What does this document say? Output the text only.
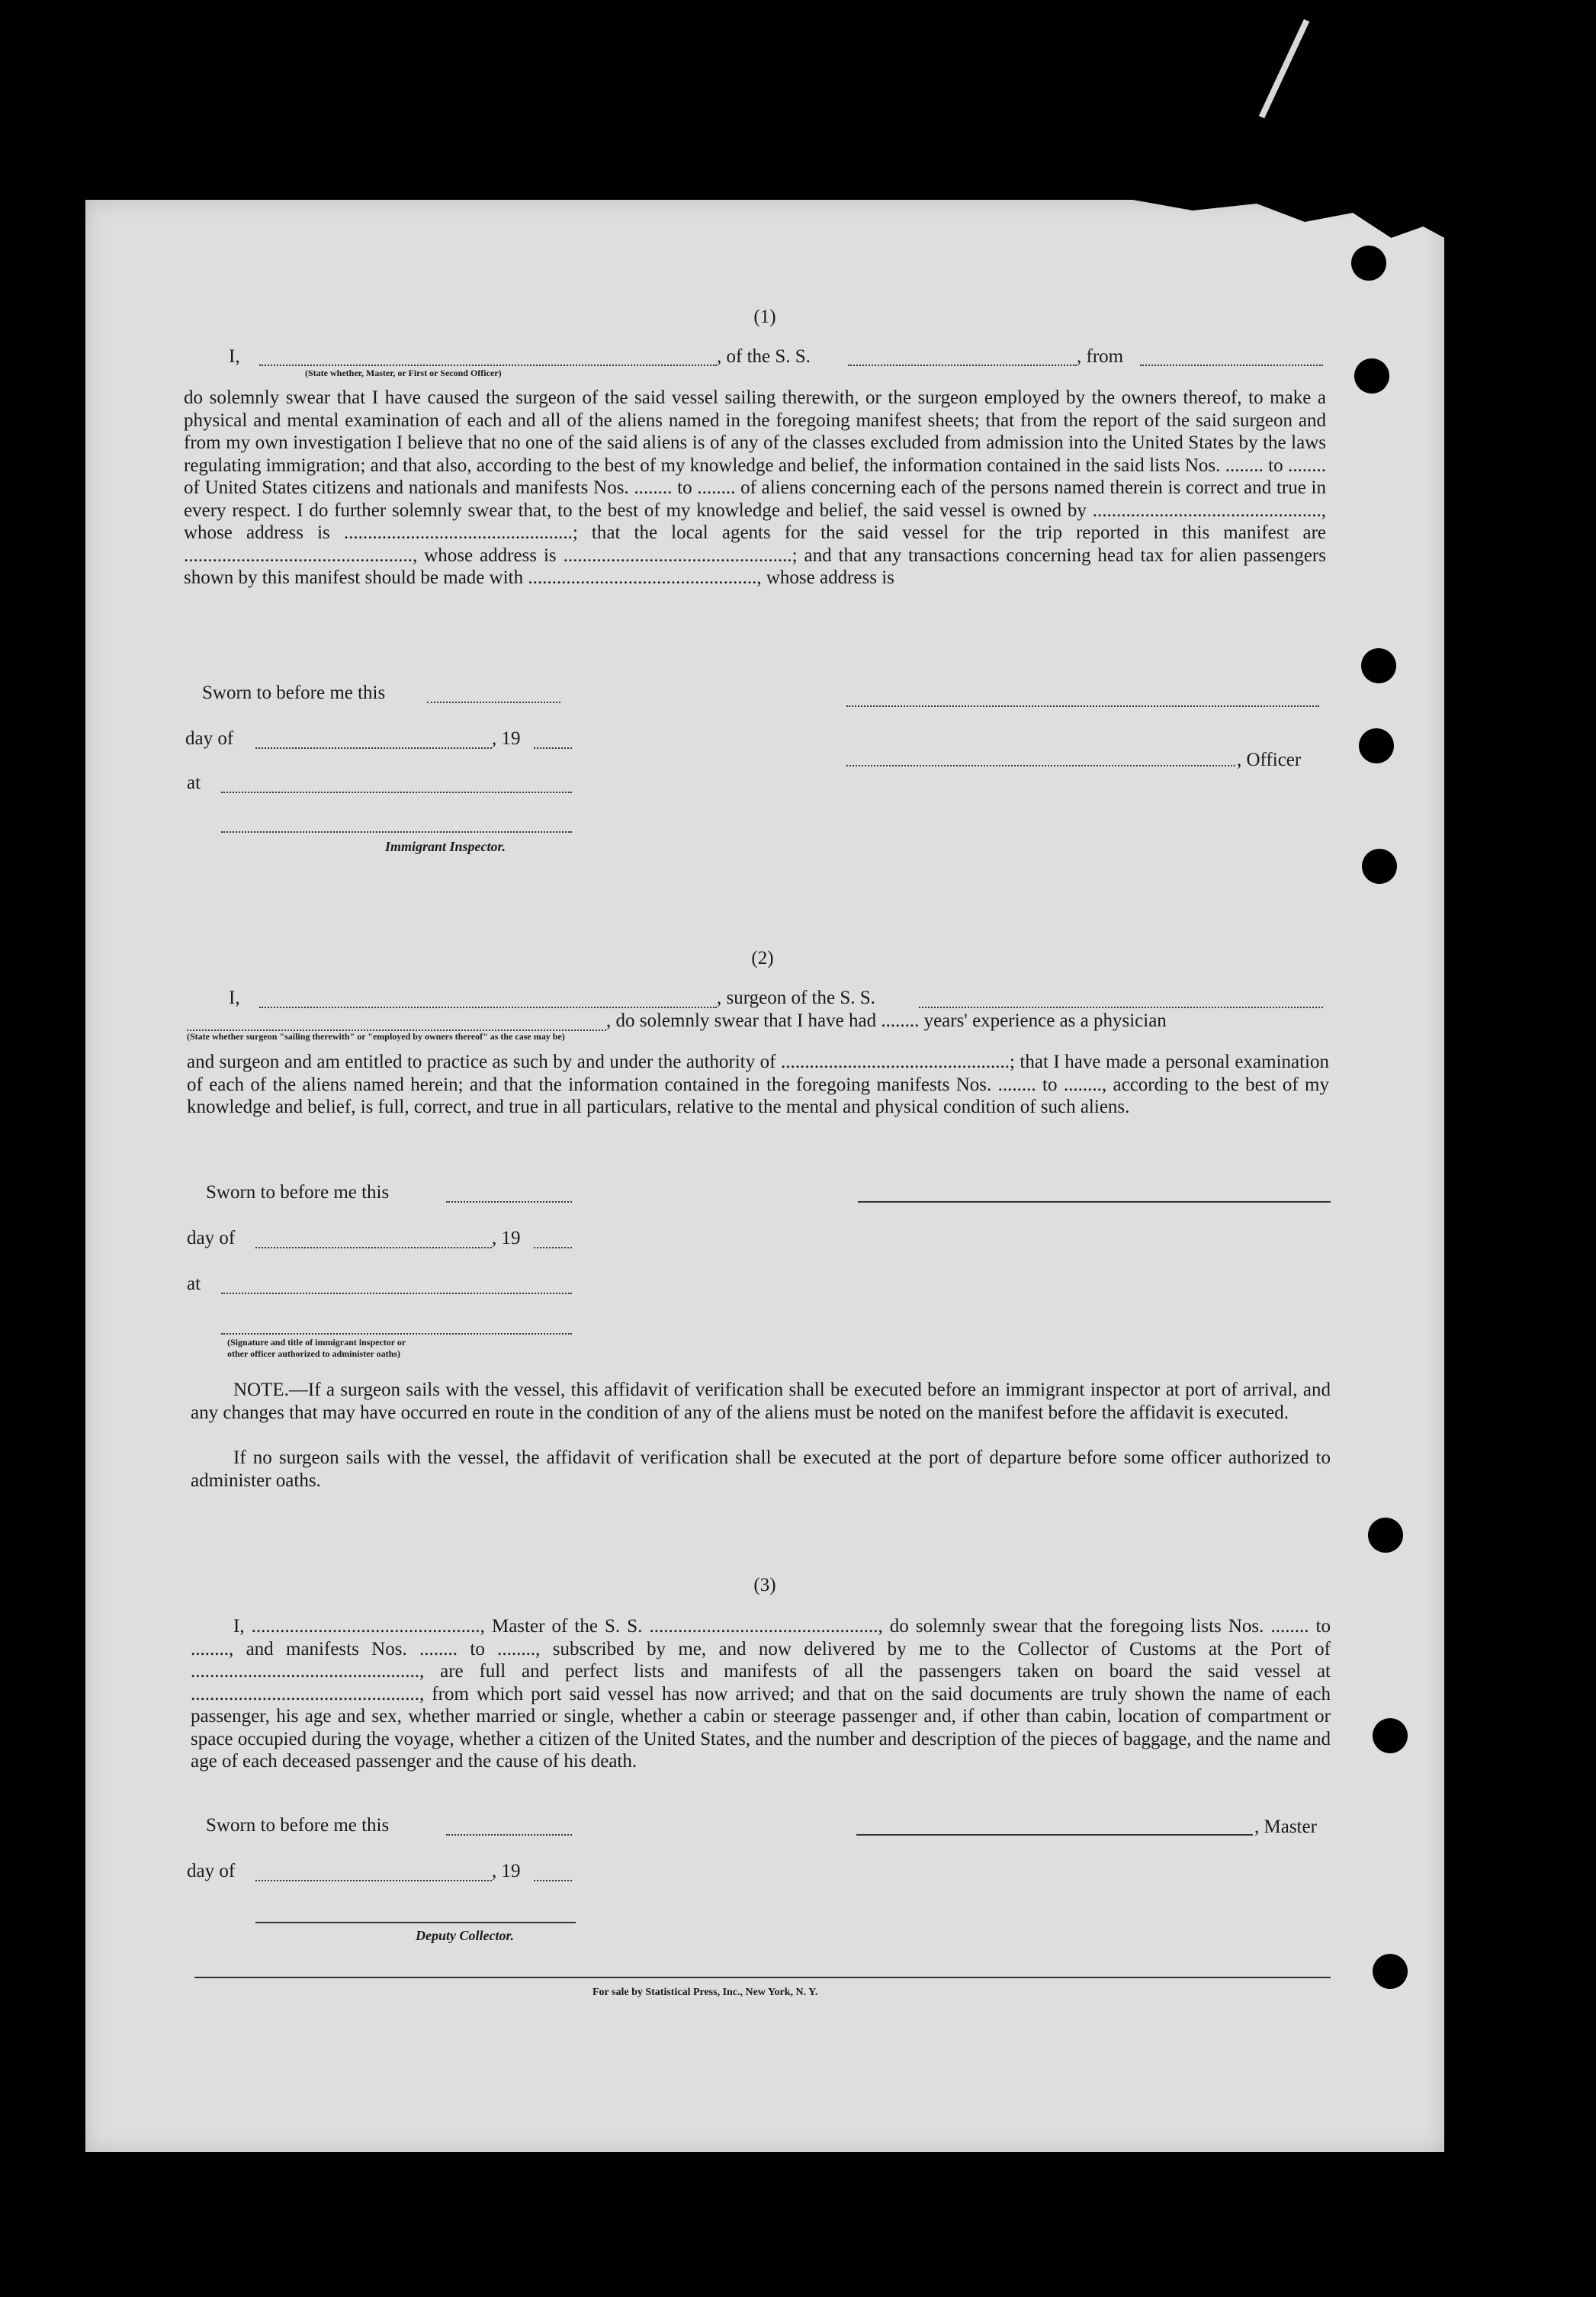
(1)
I,	, of the S. S.	, from
(State whether, Master, or First or Second Officer)
do solemnly swear that I have caused the surgeon of the said vessel sailing therewith, or the surgeon employed by the owners thereof, to make a physical and mental examination of each and all of the aliens named in the foregoing manifest sheets; that from the report of the said surgeon and from my own investigation I believe that no one of the said aliens is of any of the classes excluded from admission into the United States by the laws regulating immigration; and that also, according to the best of my knowledge and belief, the information contained in the said lists Nos. ........ to ........ of United States citizens and nationals and manifests Nos. ........ to ........ of aliens concerning each of the persons named therein is correct and true in every respect. I do further solemnly swear that, to the best of my knowledge and belief, the said vessel is owned by ................................................, whose address is ................................................; that the local agents for the said vessel for the trip reported in this manifest are ................................................, whose address is ................................................; and that any transactions concerning head tax for alien passengers shown by this manifest should be made with ................................................, whose address is
Sworn to before me this
day of	, 19
at
Immigrant Inspector.
, Officer
(2)
I,	, surgeon of the S. S.
, do solemnly swear that I have had ........ years' experience as a physician
(State whether surgeon "sailing therewith" or "employed by owners thereof" as the case may be)
and surgeon and am entitled to practice as such by and under the authority of ................................................; that I have made a personal examination of each of the aliens named herein; and that the information contained in the foregoing manifests Nos. ........ to ........, according to the best of my knowledge and belief, is full, correct, and true in all particulars, relative to the mental and physical condition of such aliens.
Sworn to before me this
day of	, 19
at
(Signature and title of immigrant inspector or
other officer authorized to administer oaths)
NOTE.—If a surgeon sails with the vessel, this affidavit of verification shall be executed before an immigrant inspector at port of arrival, and any changes that may have occurred en route in the condition of any of the aliens must be noted on the manifest before the affidavit is executed.
If no surgeon sails with the vessel, the affidavit of verification shall be executed at the port of departure before some officer authorized to administer oaths.
(3)
I, ................................................, Master of the S. S. ................................................, do solemnly swear that the foregoing lists Nos. ........ to ........, and manifests Nos. ........ to ........, subscribed by me, and now delivered by me to the Collector of Customs at the Port of ................................................, are full and perfect lists and manifests of all the passengers taken on board the said vessel at ................................................, from which port said vessel has now arrived; and that on the said documents are truly shown the name of each passenger, his age and sex, whether married or single, whether a cabin or steerage passenger and, if other than cabin, location of compartment or space occupied during the voyage, whether a citizen of the United States, and the number and description of the pieces of baggage, and the name and age of each deceased passenger and the cause of his death.
Sworn to before me this
day of	, 19
Deputy Collector.
, Master
For sale by Statistical Press, Inc., New York, N. Y.
